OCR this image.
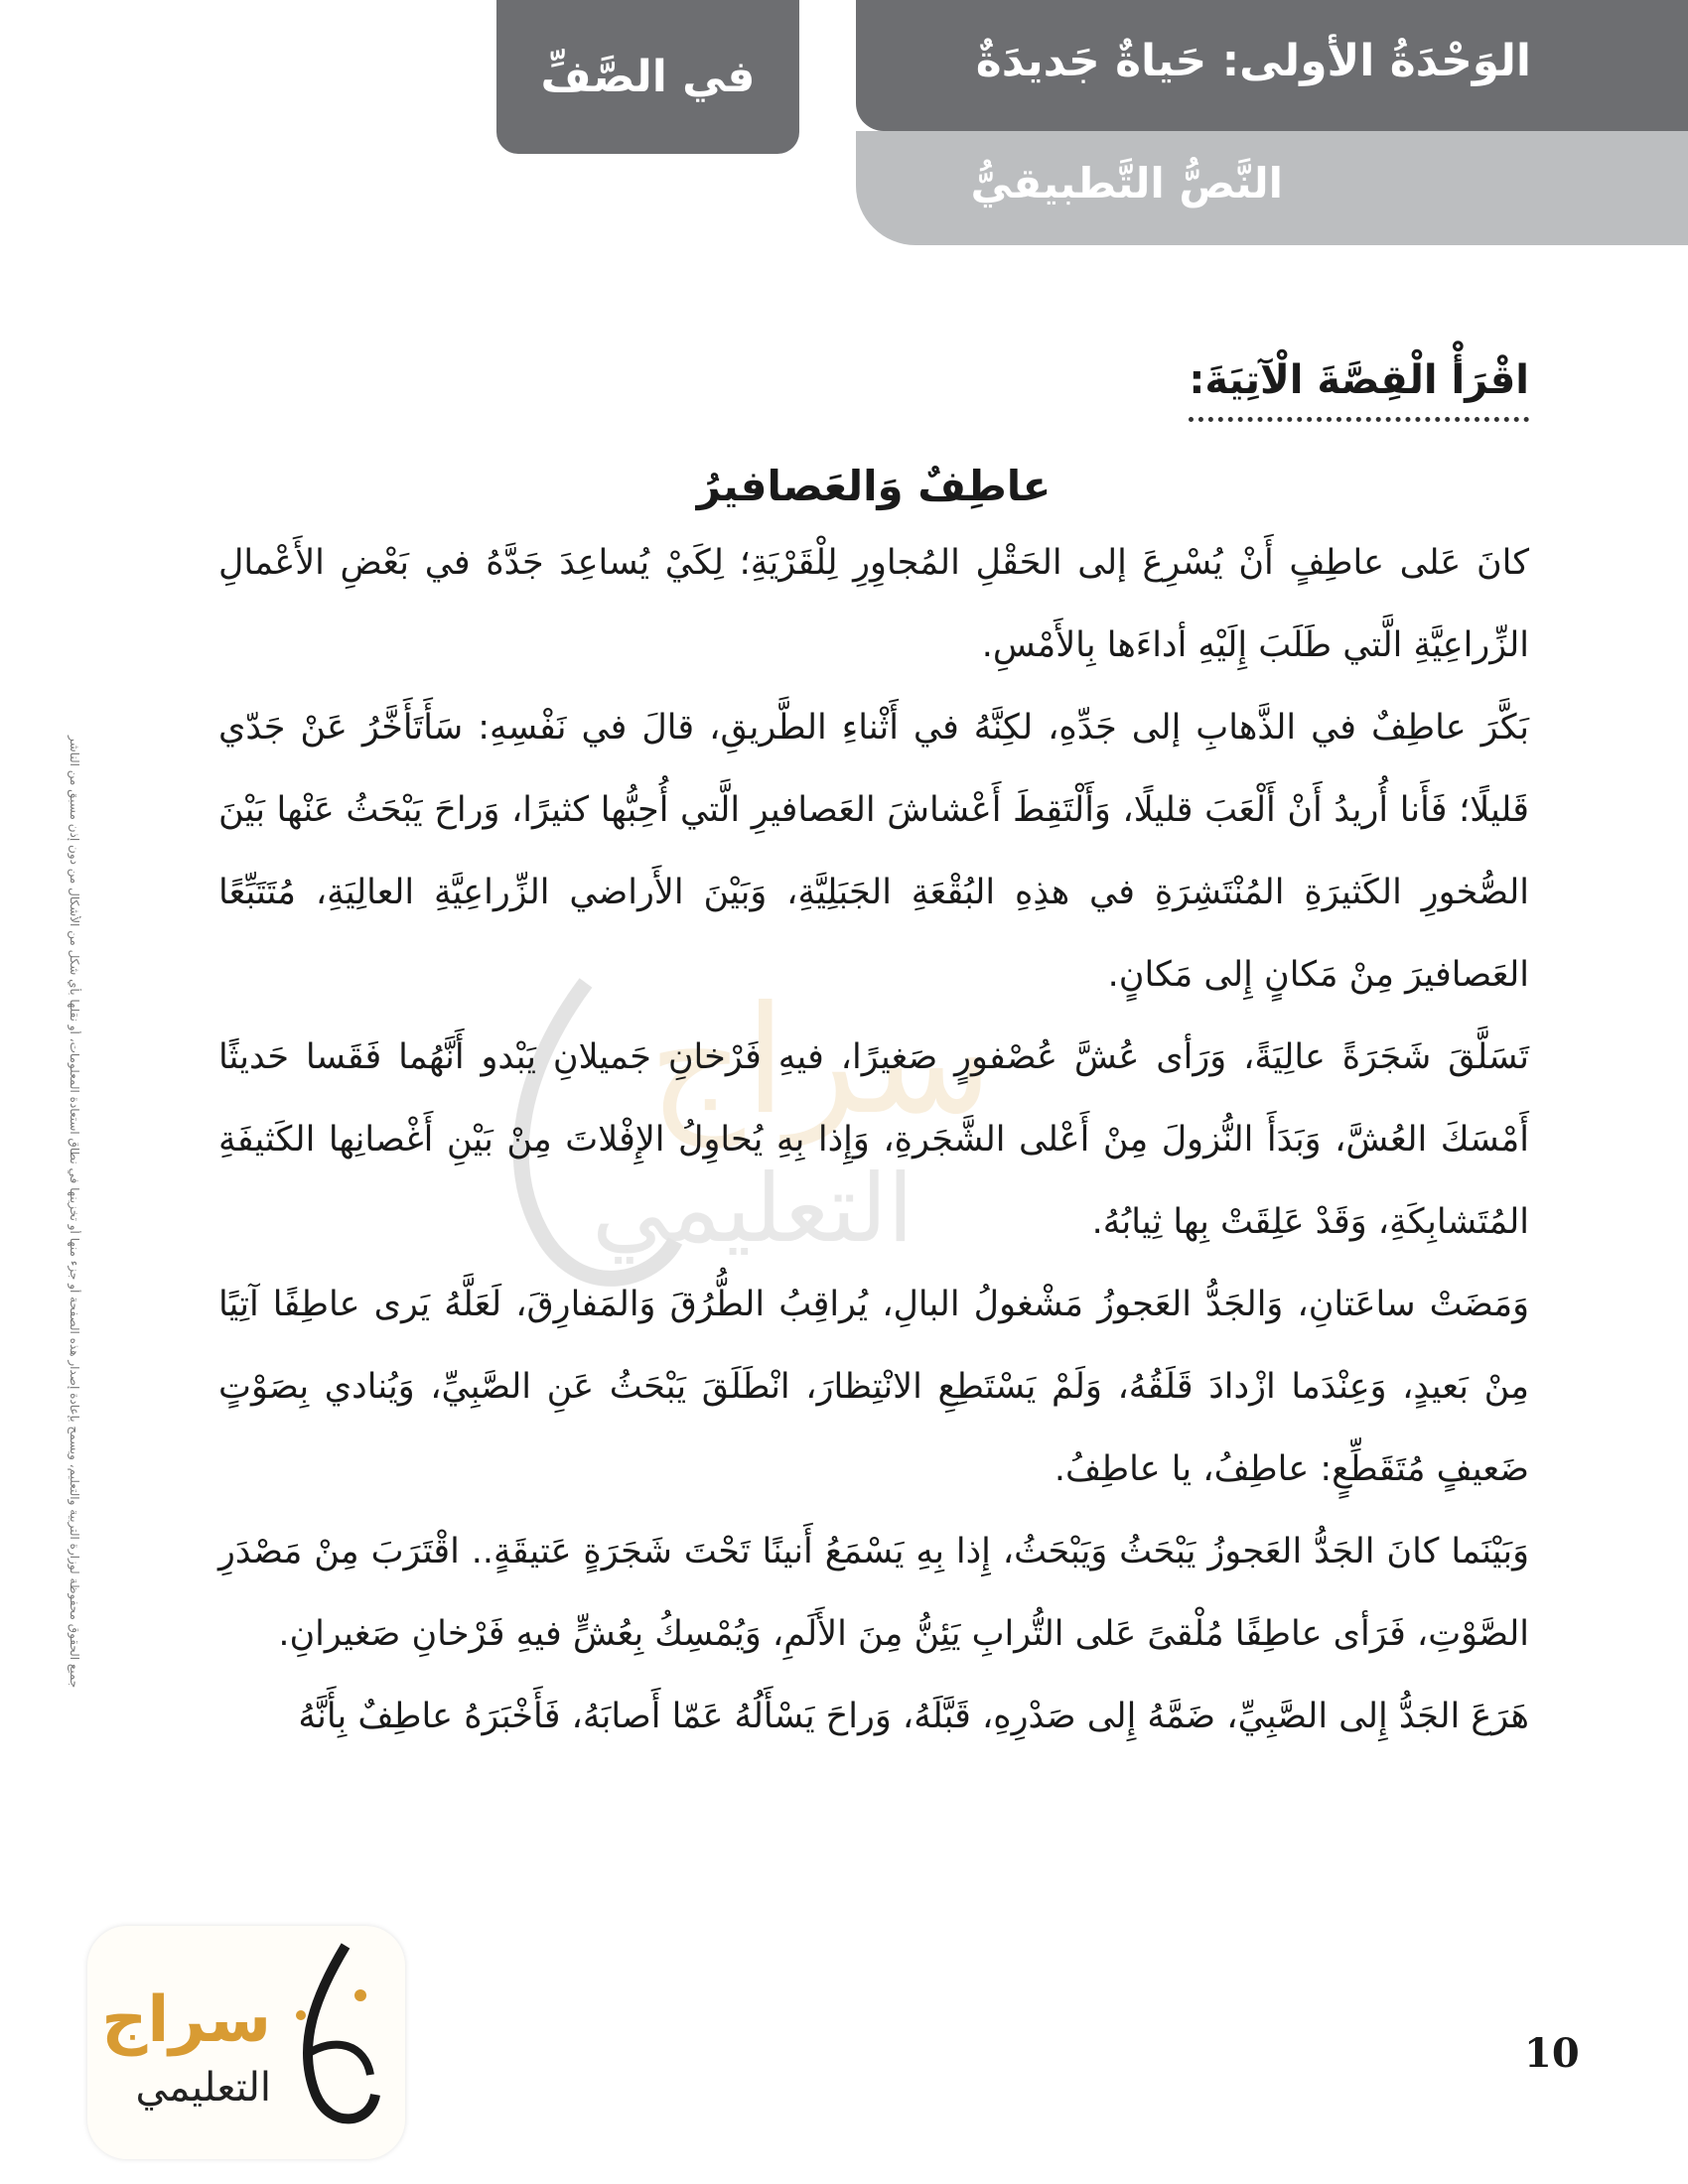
في الصَّفِّ	الوَحْدَةُ الأولى: حَياةٌ جَديدَةٌ
النَّصُّ التَّطبيقيُّ
جميع الحقوق محفوظة لوزارة التربية والتعليم، ويسمح بإعادة إصدار هذه الصفحة أو جزء منها أو تخزينها في نطاق استعادة المعلومات، أو نقلها بأي شكل من الأشكال من دون إذن مسبق من الناشر	سراج
التعليمي

اقْرَأْ الْقِصَّةَ الْآتِيَةَ:

عاطِفٌ وَالعَصافيرُ

كانَ عَلى عاطِفٍ أَنْ يُسْرِعَ إلى الحَقْلِ المُجاوِرِ لِلْقَرْيَةِ؛ لِكَيْ يُساعِدَ جَدَّهُ في بَعْضِ الأَعْمالِ الزِّراعِيَّةِ الَّتي طَلَبَ إِلَيْهِ أداءَها بِالأَمْسِ.

بَكَّرَ عاطِفٌ في الذَّهابِ إلى جَدِّهِ، لكِنَّهُ في أَثْناءِ الطَّريقِ، قالَ في نَفْسِهِ: سَأَتَأَخَّرُ عَنْ جَدّي قَليلًا؛ فَأَنا أُريدُ أَنْ أَلْعَبَ قليلًا، وَأَلْتَقِطَ أَعْشاشَ العَصافيرِ الَّتي أُحِبُّها كثيرًا، وَراحَ يَبْحَثُ عَنْها بَيْنَ الصُّخورِ الكَثيرَةِ المُنْتَشِرَةِ في هذِهِ البُقْعَةِ الجَبَلِيَّةِ، وَبَيْنَ الأَراضي الزِّراعِيَّةِ العالِيَةِ، مُتَتَبِّعًا العَصافيرَ مِنْ مَكانٍ إِلى مَكانٍ.

تَسَلَّقَ شَجَرَةً عالِيَةً، وَرَأى عُشَّ عُصْفورٍ صَغيرًا، فيهِ فَرْخانِ جَميلانِ يَبْدو أَنَّهُما فَقَسا حَديثًا أَمْسَكَ العُشَّ، وَبَدَأَ النُّزولَ مِنْ أَعْلى الشَّجَرةِ، وَإِذا بِهِ يُحاوِلُ الإِفْلاتَ مِنْ بَيْنِ أَغْصانِها الكَثيفَةِ المُتَشابِكَةِ، وَقَدْ عَلِقَتْ بِها ثِيابُهُ.

وَمَضَتْ ساعَتانِ، وَالجَدُّ العَجوزُ مَشْغولُ البالِ، يُراقِبُ الطُّرُقَ وَالمَفارِقَ، لَعَلَّهُ يَرى عاطِفًا آتِيًا مِنْ بَعيدٍ، وَعِنْدَما ازْدادَ قَلَقُهُ، وَلَمْ يَسْتَطِعِ الانْتِظارَ، انْطَلَقَ يَبْحَثُ عَنِ الصَّبِيِّ، وَيُنادي بِصَوْتٍ ضَعيفٍ مُتَقَطِّعٍ: عاطِفُ، يا عاطِفُ.

وَبَيْنَما كانَ الجَدُّ العَجوزُ يَبْحَثُ وَيَبْحَثُ، إِذا بِهِ يَسْمَعُ أَنينًا تَحْتَ شَجَرَةٍ عَتيقَةٍ.. اقْتَرَبَ مِنْ مَصْدَرِ الصَّوْتِ، فَرَأى عاطِفًا مُلْقىً عَلى التُّرابِ يَئِنُّ مِنَ الأَلَمِ، وَيُمْسِكُ بِعُشٍّ فيهِ فَرْخانِ صَغيرانِ.

هَرَعَ الجَدُّ إِلى الصَّبِيِّ، ضَمَّهُ إِلى صَدْرِهِ، قَبَّلَهُ، وَراحَ يَسْأَلُهُ عَمّا أَصابَهُ، فَأَخْبَرَهُ عاطِفٌ بِأَنَّهُ

سراج
التعليمي
10
